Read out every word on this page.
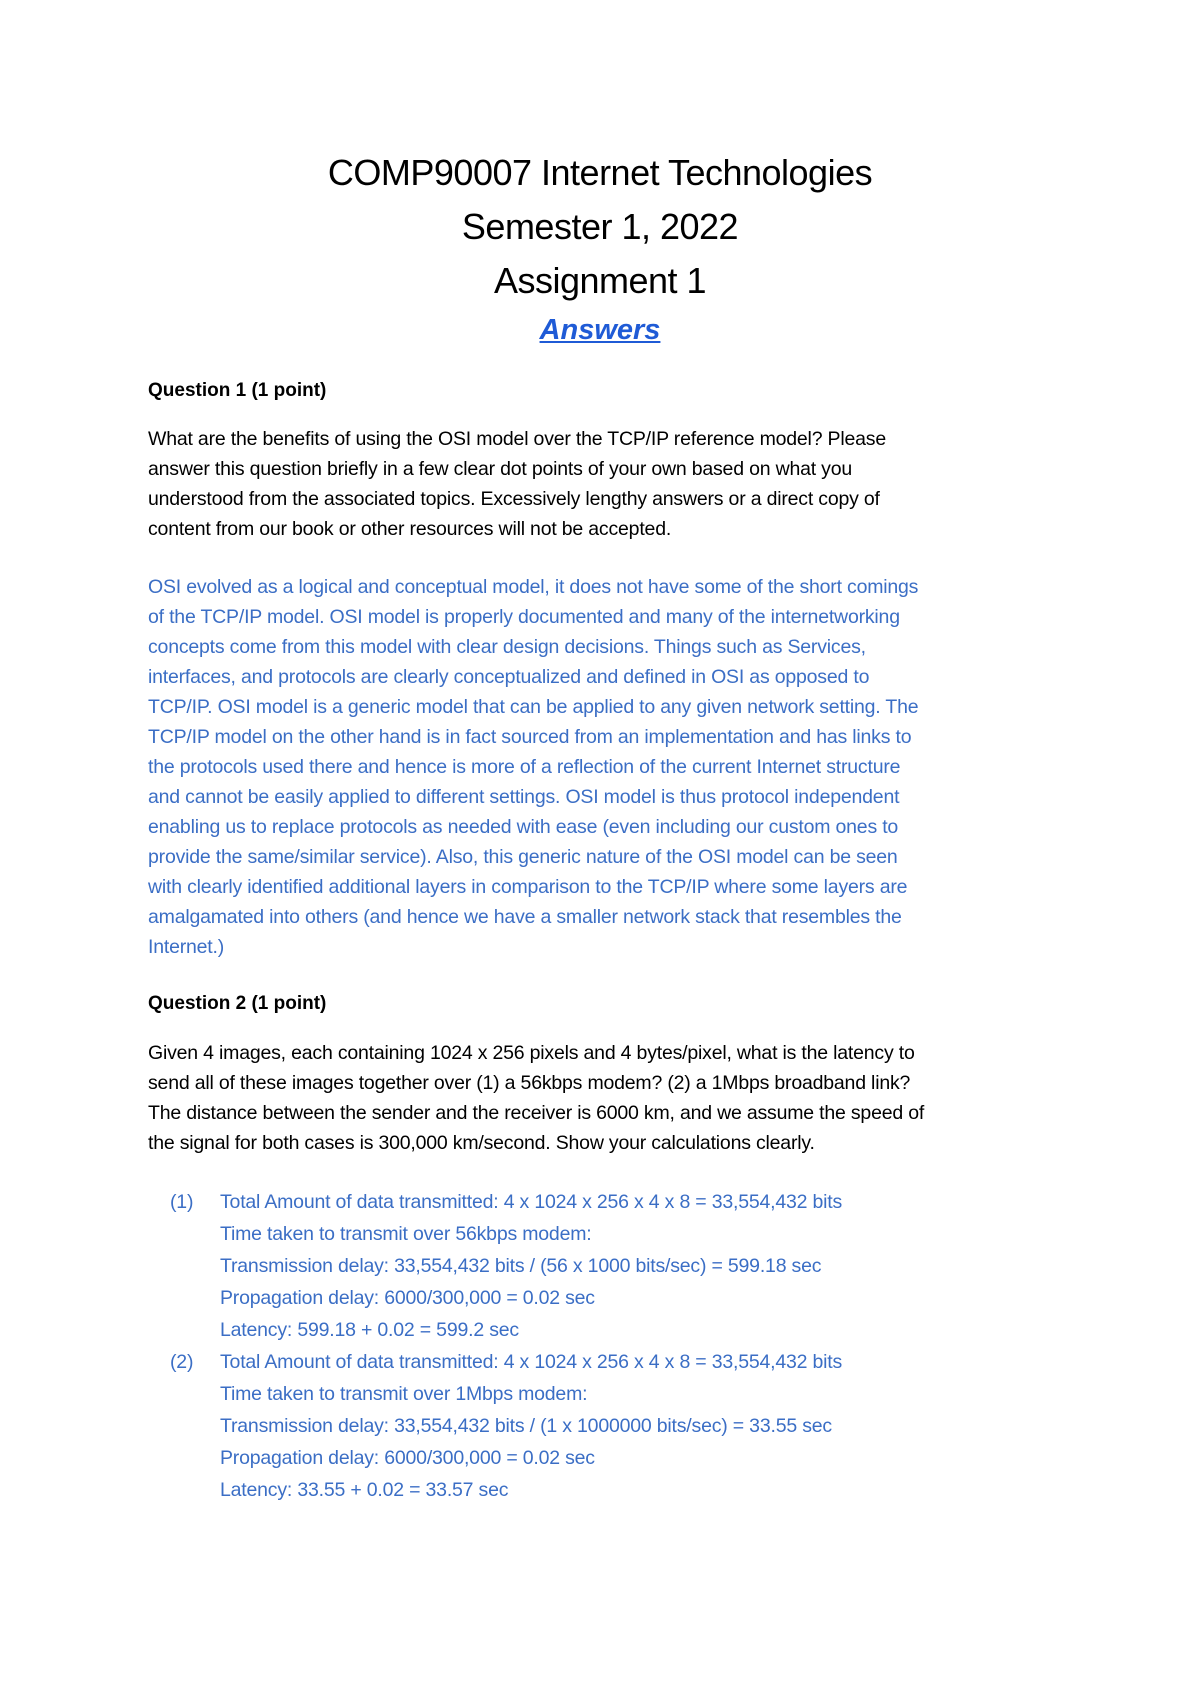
COMP90007 Internet Technologies
Semester 1, 2022
Assignment 1
Answers
Question 1 (1 point)
What are the benefits of using the OSI model over the TCP/IP reference model? Please
answer this question briefly in a few clear dot points of your own based on what you
understood from the associated topics. Excessively lengthy answers or a direct copy of
content from our book or other resources will not be accepted.
OSI evolved as a logical and conceptual model, it does not have some of the short comings
of the TCP/IP model. OSI model is properly documented and many of the internetworking
concepts come from this model with clear design decisions. Things such as Services,
interfaces, and protocols are clearly conceptualized and defined in OSI as opposed to
TCP/IP. OSI model is a generic model that can be applied to any given network setting. The
TCP/IP model on the other hand is in fact sourced from an implementation and has links to
the protocols used there and hence is more of a reflection of the current Internet structure
and cannot be easily applied to different settings. OSI model is thus protocol independent
enabling us to replace protocols as needed with ease (even including our custom ones to
provide the same/similar service). Also, this generic nature of the OSI model can be seen
with clearly identified additional layers in comparison to the TCP/IP where some layers are
amalgamated into others (and hence we have a smaller network stack that resembles the
Internet.)
Question 2 (1 point)
Given 4 images, each containing 1024 x 256 pixels and 4 bytes/pixel, what is the latency to
send all of these images together over (1) a 56kbps modem? (2) a 1Mbps broadband link?
The distance between the sender and the receiver is 6000 km, and we assume the speed of
the signal for both cases is 300,000 km/second. Show your calculations clearly.
(1)	Total Amount of data transmitted: 4 x 1024 x 256 x 4 x 8 = 33,554,432 bits
Time taken to transmit over 56kbps modem:
Transmission delay: 33,554,432 bits / (56 x 1000 bits/sec) = 599.18 sec
Propagation delay: 6000/300,000 = 0.02 sec
Latency: 599.18 + 0.02 = 599.2 sec
(2)	Total Amount of data transmitted: 4 x 1024 x 256 x 4 x 8 = 33,554,432 bits
Time taken to transmit over 1Mbps modem:
Transmission delay: 33,554,432 bits / (1 x 1000000 bits/sec) = 33.55 sec
Propagation delay: 6000/300,000 = 0.02 sec
Latency: 33.55 + 0.02 = 33.57 sec
